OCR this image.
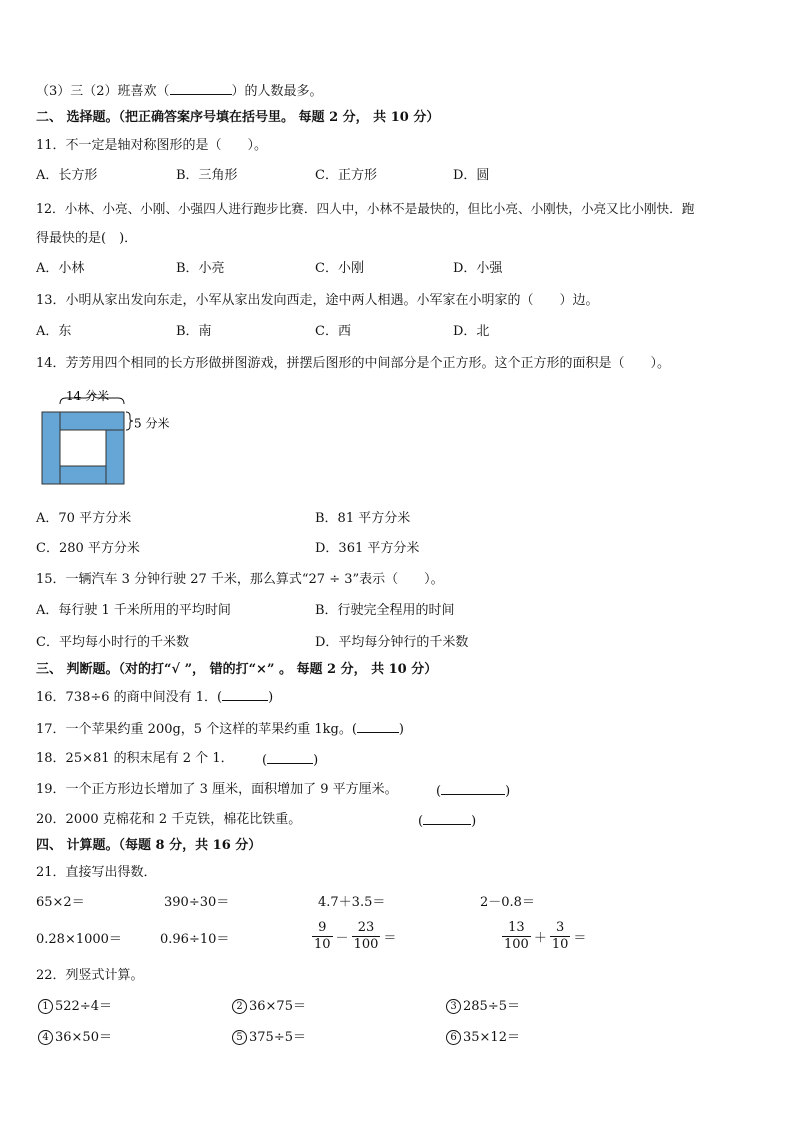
（3）三（2）班喜欢（	）的人数最多。
二、 选择题。（把正确答案序号填在括号里。 每题 2 分， 共 10 分）
11．不一定是轴对称图形的是（　　）。
A．长方形	B．三角形	C．正方形	D．圆
12．小林、小亮、小刚、小强四人进行跑步比赛．四人中，小林不是最快的，但比小亮、小刚快，小亮又比小刚快．跑
得最快的是(　)．
A．小林	B．小亮	C．小刚	D．小强
13．小明从家出发向东走，小军从家出发向西走，途中两人相遇。小军家在小明家的（　　）边。
A．东	B．南	C．西	D．北
14．芳芳用四个相同的长方形做拼图游戏，拼摆后图形的中间部分是个正方形。这个正方形的面积是（　　）。
14 分米
5 分米
A．70 平方分米	B．81 平方分米
C．280 平方分米	D．361 平方分米
15．一辆汽车 3 分钟行驶 27 千米，那么算式“27 ÷ 3”表示（　　）。
A．每行驶 1 千米所用的平均时间	B．行驶完全程用的时间
C．平均每小时行的千米数	D．平均每分钟行的千米数
三、 判断题。（对的打“√ ”， 错的打“×” 。 每题 2 分， 共 10 分）
16．738÷6 的商中间没有 1．(	)
17．一个苹果约重 200g，5 个这样的苹果约重 1kg。(	)
18．25×81 的积末尾有 2 个 1． (	)
19．一个正方形边长增加了 3 厘米，面积增加了 9 平方厘米。	(	)
20．2000 克棉花和 2 千克铁，棉花比铁重。	(	)
四、 计算题。（每题 8 分，共 16 分）
21．直接写出得数．
65×2＝	390÷30＝	4.7＋3.5＝	2－0.8＝
0.28×1000＝	0.96÷10＝	$\frac{9}{10} - \frac{23}{100}$ ＝	$\frac{13}{100} + \frac{3}{10}$ ＝
22．列竖式计算。
1 522÷4＝	2 36×75＝	3 285÷5＝
4 36×50＝	5 375÷5＝	6 35×12＝
